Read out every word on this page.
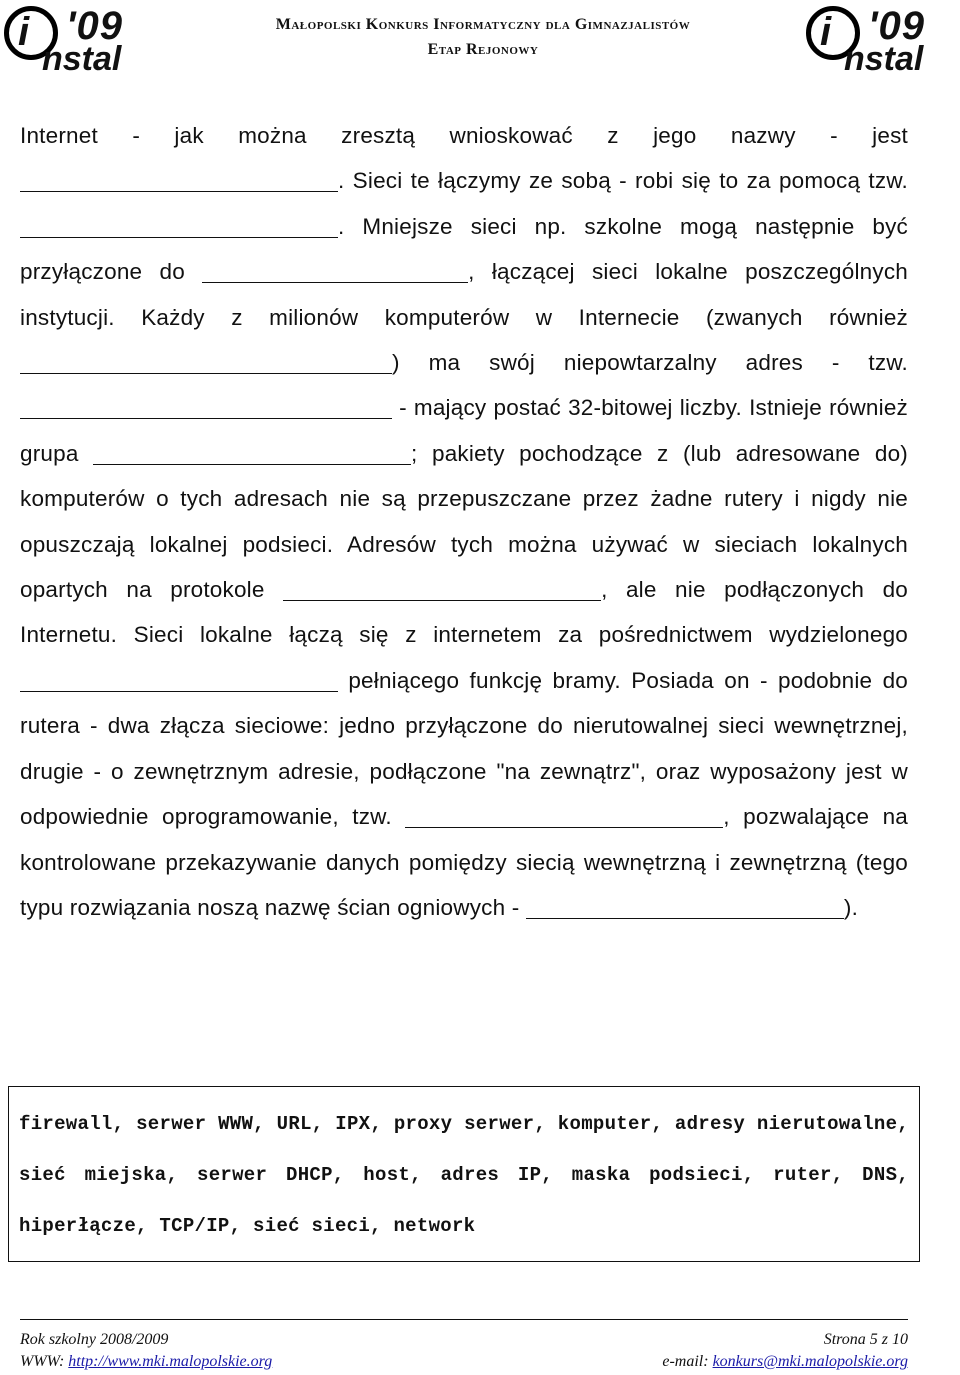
i '09
nstal
Małopolski Konkurs Informatyczny dla Gimnazjalistów
Etap Rejonowy	i '09
nstal
Internet - jak można zresztą wnioskować z jego nazwy - jest . Sieci te łączymy ze sobą - robi się to za pomocą tzw. . Mniejsze sieci np. szkolne mogą następnie być przyłączone do	, łączącej sieci lokalne poszczególnych instytucji. Każdy z milionów komputerów w Internecie (zwanych również ) ma swój niepowtarzalny adres - tzw.  - mający postać 32-bitowej liczby. Istnieje również grupa	; pakiety pochodzące z (lub adresowane do) komputerów o tych adresach nie są przepuszczane przez żadne rutery i nigdy nie opuszczają lokalnej podsieci. Adresów tych można używać w sieciach lokalnych opartych na protokole	, ale nie podłączonych do Internetu. Sieci lokalne łączą się z internetem za pośrednictwem wydzielonego  pełniącego funkcję bramy. Posiada on - podobnie do rutera - dwa złącza sieciowe: jedno przyłączone do nierutowalnej sieci wewnętrznej, drugie - o zewnętrznym adresie, podłączone "na zewnątrz", oraz wyposażony jest w odpowiednie oprogramowanie, tzw.	, pozwalające na kontrolowane przekazywanie danych pomiędzy siecią wewnętrzną i zewnętrzną (tego typu rozwiązania noszą nazwę ścian ogniowych -	).
firewall, serwer WWW, URL, IPX, proxy serwer, komputer, adresy nierutowalne, sieć miejska, serwer DHCP, host, adres IP, maska podsieci, ruter, DNS, hiperłącze, TCP/IP, sieć sieci, network
Rok szkolny 2008/2009	Strona 5 z 10
WWW: http://www.mki.malopolskie.org	e-mail: konkurs@mki.malopolskie.org
